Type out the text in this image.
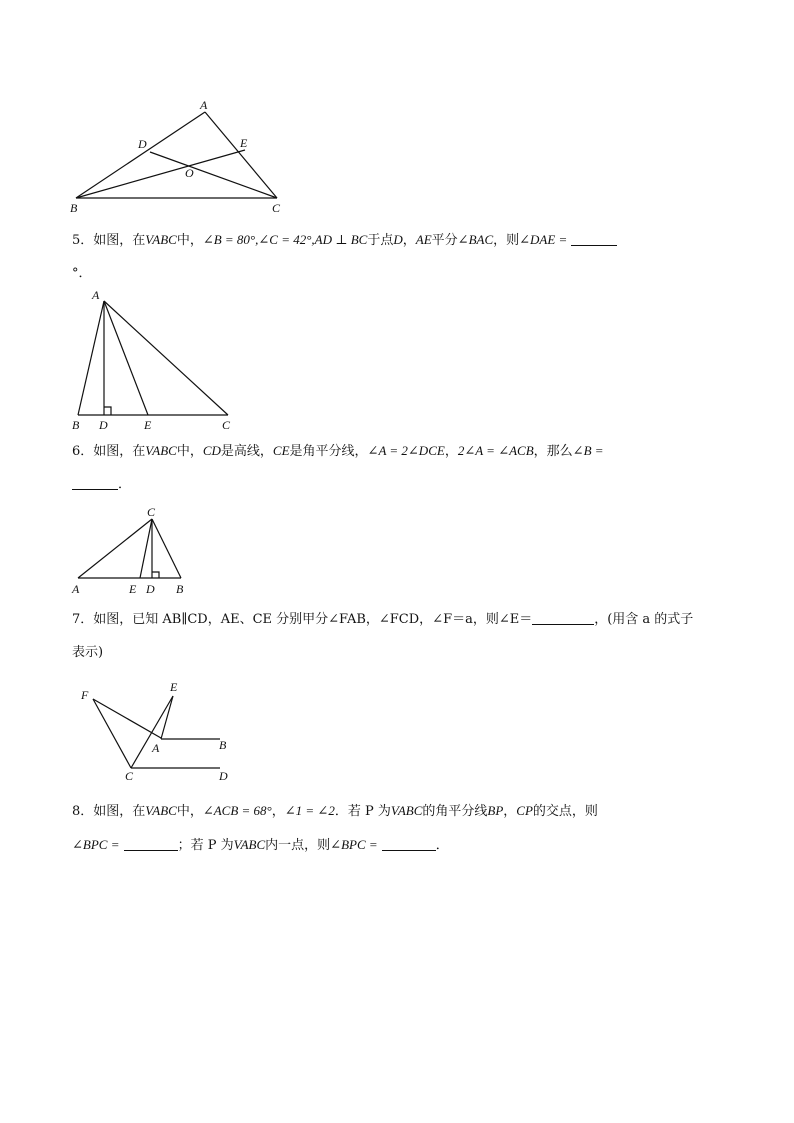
A
B	C
D	E
O
5．如图，在VABC中，∠B = 80°,∠C = 42°,AD ⊥ BC于点D，AE平分∠BAC，则∠DAE =
°．
A
B D	E	C
6．如图，在VABC中，CD是高线，CE是角平分线，∠A = 2∠DCE，2∠A = ∠ACB，那么∠B =
．
C
A	E D B
7．如图，已知 AB∥CD，AE、CE 分别甲分∠FAB，∠FCD，∠F＝a，则∠E＝	，(用含 a 的式子
表示)
F
E
A	B
C	D
8．如图，在VABC中，∠ACB = 68°，∠1 = ∠2．若 P 为VABC的角平分线BP，CP的交点，则
∠BPC =	；若 P 为VABC内一点，则∠BPC =	．
